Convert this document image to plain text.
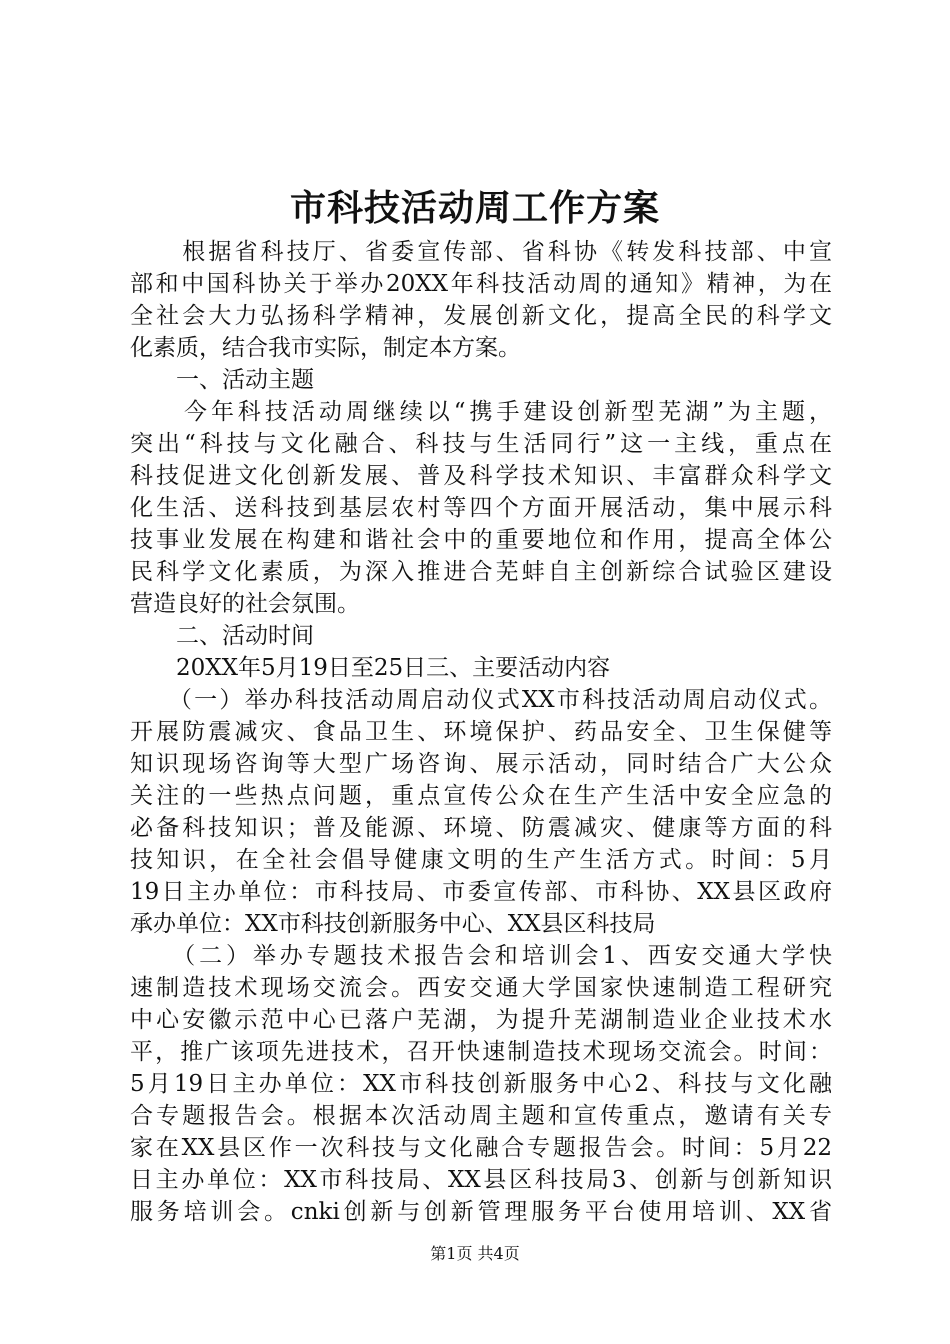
市科技活动周工作方案
　　根据省科技厅、省委宣传部、省科协《转发科技部、中宣
部和中国科协关于举办20XX年科技活动周的通知》精神，为在
全社会大力弘扬科学精神，发展创新文化，提高全民的科学文
化素质，结合我市实际，制定本方案。
　　一、活动主题
　　今年科技活动周继续以“携手建设创新型芜湖”为主题，
突出“科技与文化融合、科技与生活同行”这一主线，重点在
科技促进文化创新发展、普及科学技术知识、丰富群众科学文
化生活、送科技到基层农村等四个方面开展活动，集中展示科
技事业发展在构建和谐社会中的重要地位和作用，提高全体公
民科学文化素质，为深入推进合芜蚌自主创新综合试验区建设
营造良好的社会氛围。
　　二、活动时间
　　20XX年5月19日至25日三、主要活动内容
　　（一）举办科技活动周启动仪式XX市科技活动周启动仪式。
开展防震减灾、食品卫生、环境保护、药品安全、卫生保健等
知识现场咨询等大型广场咨询、展示活动，同时结合广大公众
关注的一些热点问题，重点宣传公众在生产生活中安全应急的
必备科技知识；普及能源、环境、防震减灾、健康等方面的科
技知识，在全社会倡导健康文明的生产生活方式。时间：5月
19日主办单位：市科技局、市委宣传部、市科协、XX县区政府
承办单位：XX市科技创新服务中心、XX县区科技局
　　（二）举办专题技术报告会和培训会1、西安交通大学快
速制造技术现场交流会。西安交通大学国家快速制造工程研究
中心安徽示范中心已落户芜湖，为提升芜湖制造业企业技术水
平，推广该项先进技术，召开快速制造技术现场交流会。时间：
5月19日主办单位：XX市科技创新服务中心2、科技与文化融
合专题报告会。根据本次活动周主题和宣传重点，邀请有关专
家在XX县区作一次科技与文化融合专题报告会。时间：5月22
日主办单位：XX市科技局、XX县区科技局3、创新与创新知识
服务培训会。cnki创新与创新管理服务平台使用培训、XX省
第1页 共4页
